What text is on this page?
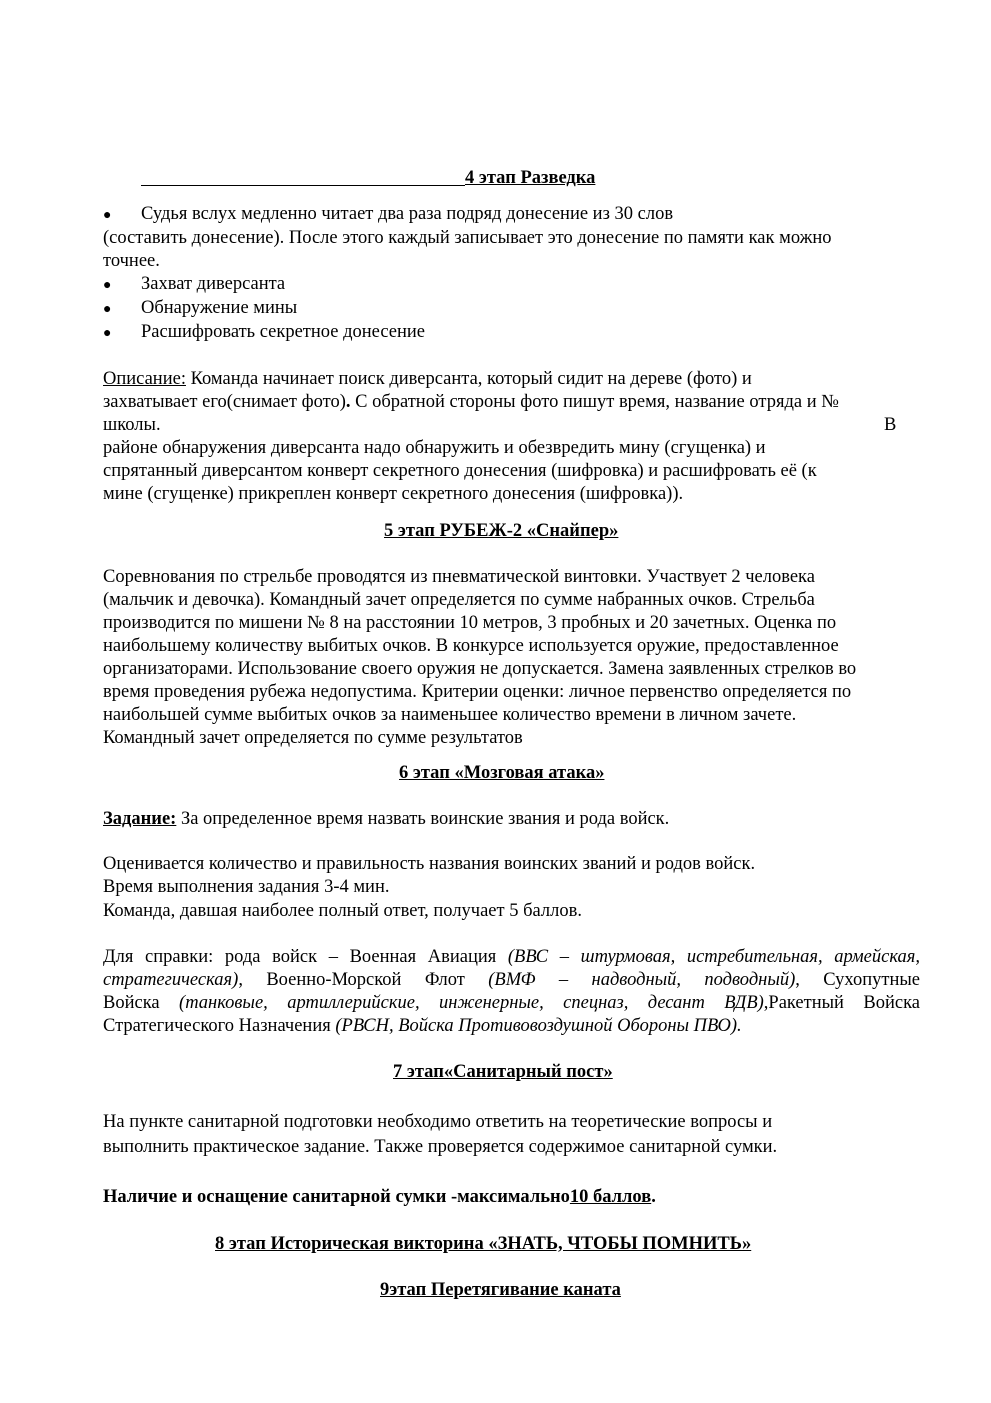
4 этап Разведка
● Судья вслух медленно читает два раза подряд донесение из 30 слов
(составить донесение). После этого каждый записывает это донесение по памяти как можно
точнее.
● Захват диверсанта
● Обнаружение мины
● Расшифровать секретное донесение
Описание: Команда начинает поиск диверсанта, который сидит на дереве (фото) и
захватывает его(снимает фото). С обратной стороны фото пишут время, название отряда и №
школы.	В
районе обнаружения диверсанта надо обнаружить и обезвредить мину (сгущенка) и
спрятанный диверсантом конверт секретного донесения (шифровка) и расшифровать её (к
мине (сгущенке) прикреплен конверт секретного донесения (шифровка)).
5 этап РУБЕЖ-2 «Снайпер»
Соревнования по стрельбе проводятся из пневматической винтовки. Участвует 2 человека
(мальчик и девочка). Командный зачет определяется по сумме набранных очков. Стрельба
производится по мишени № 8 на расстоянии 10 метров, 3 пробных и 20 зачетных. Оценка по
наибольшему количеству выбитых очков. В конкурсе используется оружие, предоставленное
организаторами. Использование своего оружия не допускается. Замена заявленных стрелков во
время проведения рубежа недопустима. Критерии оценки: личное первенство определяется по
наибольшей сумме выбитых очков за наименьшее количество времени в личном зачете.
Командный зачет определяется по сумме результатов
6 этап «Мозговая атака»
Задание: За определенное время назвать воинские звания и рода войск.
Оценивается количество и правильность названия воинских званий и родов войск.
Время выполнения задания 3-4 мин.
Команда, давшая наиболее полный ответ, получает 5 баллов.
Для справки: рода войск – Военная Авиация (ВВС – штурмовая, истребительная, армейская,
стратегическая), Военно-Морской Флот (ВМФ – надводный, подводный), Сухопутные
Войска (танковые, артиллерийские, инженерные, спецназ, десант ВДВ),Ракетный Войска
Стратегического Назначения (РВСН, Войска Противовоздушной Обороны ПВО).
7 этап«Санитарный пост»
На пункте санитарной подготовки необходимо ответить на теоретические вопросы и
выполнить практическое задание. Также проверяется содержимое санитарной сумки.
Наличие и оснащение санитарной сумки -максимально10 баллов.
8 этап Историческая викторина «ЗНАТЬ, ЧТОБЫ ПОМНИТЬ»
9этап Перетягивание каната
